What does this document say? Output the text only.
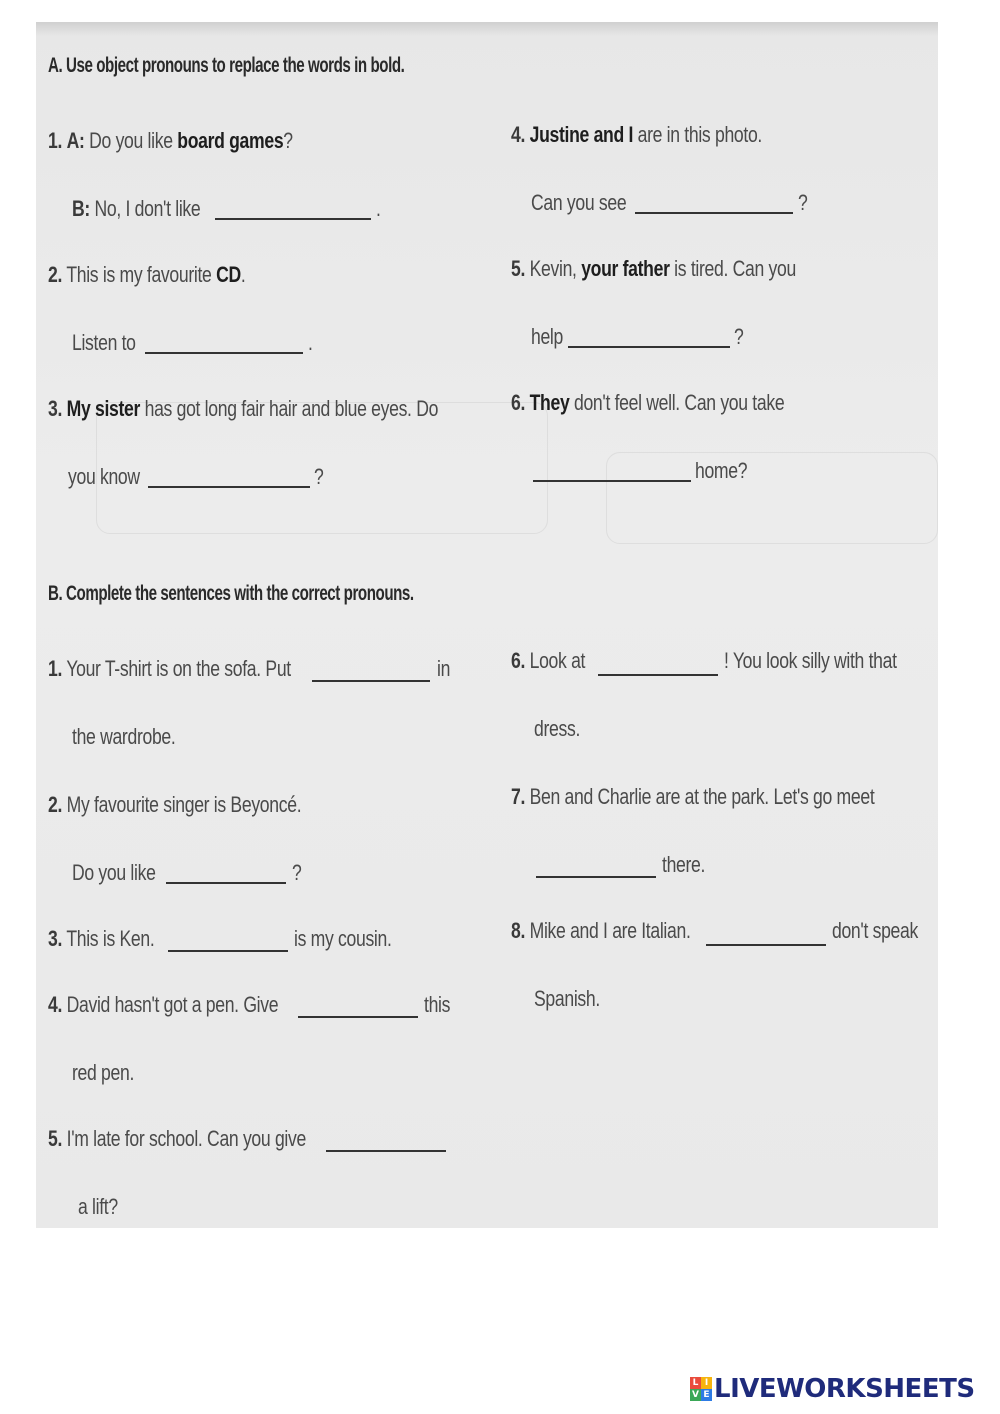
A. Use object pronouns to replace the words in bold.
1. A: Do you like board games?
B: No, I don't like	.
2. This is my favourite CD.
Listen to	.
3. My sister has got long fair hair and blue eyes. Do
you know	?
4. Justine and I are in this photo.
Can you see	?
5. Kevin, your father is tired. Can you
help	?
6. They don't feel well. Can you take
home?
B. Complete the sentences with the correct pronouns.
1. Your T-shirt is on the sofa. Put	in
the wardrobe.
2. My favourite singer is Beyoncé.
Do you like	?
3. This is Ken.	is my cousin.
4. David hasn't got a pen. Give	this
red pen.
5. I'm late for school. Can you give
a lift?
6. Look at	! You look silly with that
dress.
7. Ben and Charlie are at the park. Let's go meet
there.
8. Mike and I are Italian.	don't speak
Spanish.
L I
V E LIVEWORKSHEETS
